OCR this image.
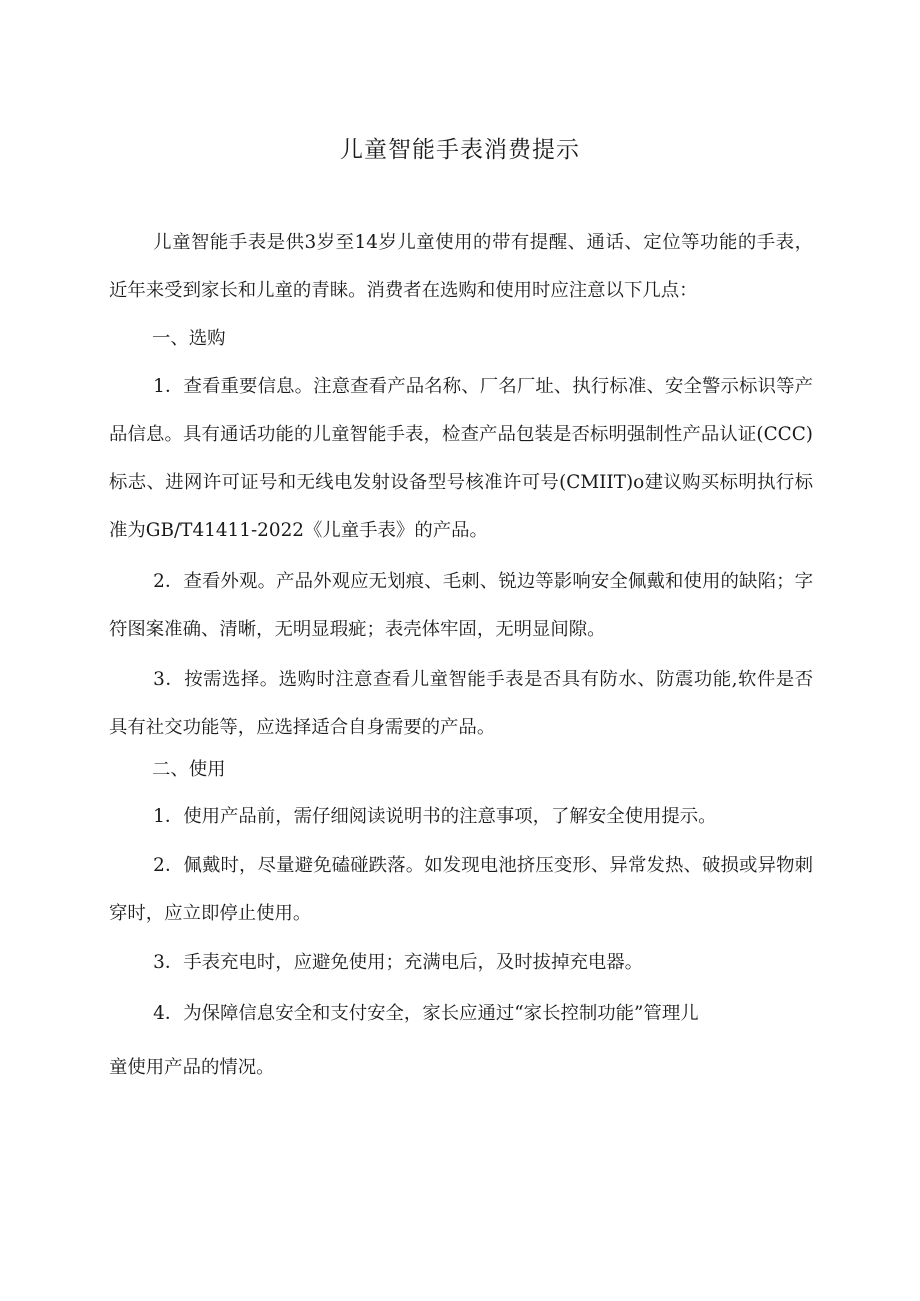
儿童智能手表消费提示
儿童智能手表是供3岁至14岁儿童使用的带有提醒、通话、定位等功能的手表，近年来受到家长和儿童的青睐。消费者在选购和使用时应注意以下几点：
一、选购
1．查看重要信息。注意查看产品名称、厂名厂址、执行标准、安全警示标识等产品信息。具有通话功能的儿童智能手表，检查产品包装是否标明强制性产品认证(CCC)标志、进网许可证号和无线电发射设备型号核准许可号(CMIIT)o建议购买标明执行标准为GB/T41411-2022《儿童手表》的产品。
2．查看外观。产品外观应无划痕、毛刺、锐边等影响安全佩戴和使用的缺陷；字符图案准确、清晰，无明显瑕疵；表壳体牢固，无明显间隙。
3．按需选择。选购时注意查看儿童智能手表是否具有防水、防震功能,软件是否具有社交功能等，应选择适合自身需要的产品。
二、使用
1．使用产品前，需仔细阅读说明书的注意事项，了解安全使用提示。
2．佩戴时，尽量避免磕碰跌落。如发现电池挤压变形、异常发热、破损或异物刺穿时，应立即停止使用。
3．手表充电时，应避免使用；充满电后，及时拔掉充电器。
4．为保障信息安全和支付安全，家长应通过“家长控制功能”管理儿
童使用产品的情况。
